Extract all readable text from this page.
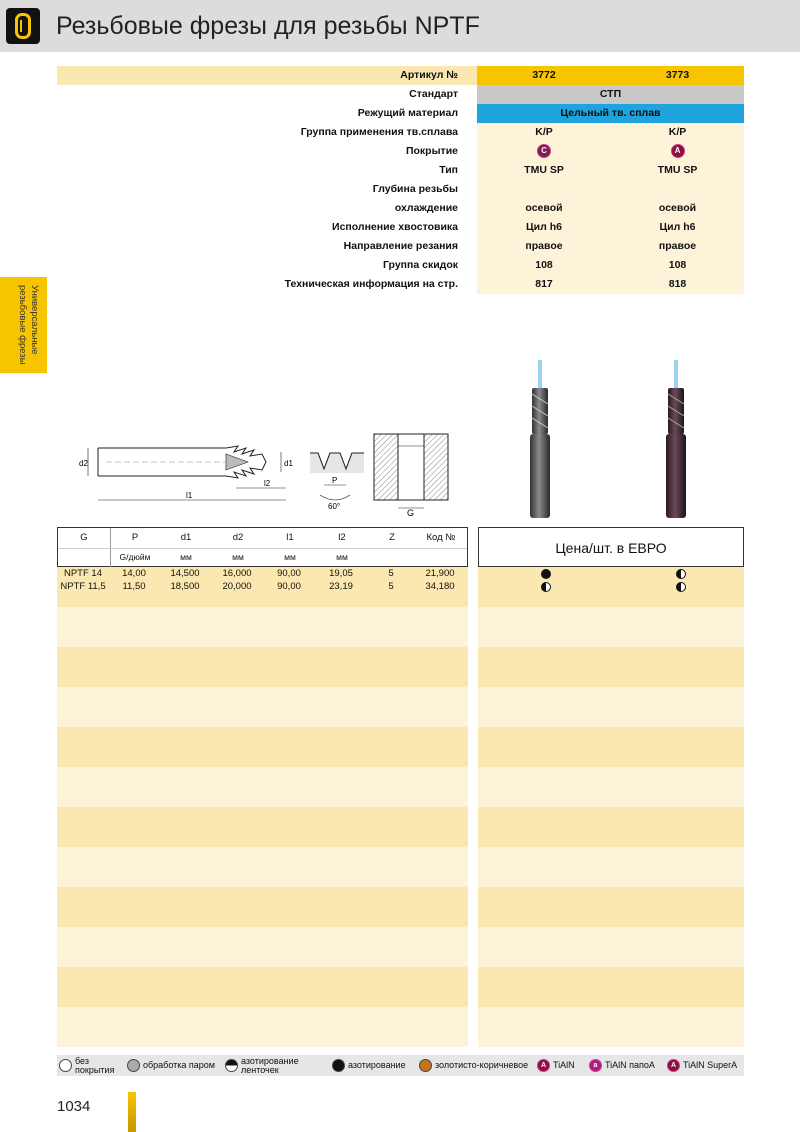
Резьбовые фрезы для резьбы NPTF
Универсальные
резьбовые фрезы
Артикул №	3772	3773
Стандарт	СТП
Режущий материал	Цельный тв. сплав
Группа применения тв.сплава	K/P	K/P
Покрытие	C	A
Тип	TMU SP	TMU SP
Глубина резьбы
охлаждение	осевой	осевой
Исполнение хвостовика	Цил h6	Цил h6
Направление резания	правое	правое
Группа скидок	108	108
Техническая информация на стр.	817	818
d2	d1
l1
l2	P
60°
G
G	P	d1	d2	l1	l2	Z	Код №
G/дюйм	мм	мм	мм	мм
Цена/шт. в ЕВРО
NPTF 14	14,00	14,500	16,000	90,00	19,05	5	21,900
NPTF 11,5	11,50	18,500	20,000	90,00	23,19	5	34,180
без покрытия	обработка паром	азотирование ленточек	азотирование	золотисто-коричневое	A TiAlN	a TiAlN папоА	A TiAlN SuperA
1034
